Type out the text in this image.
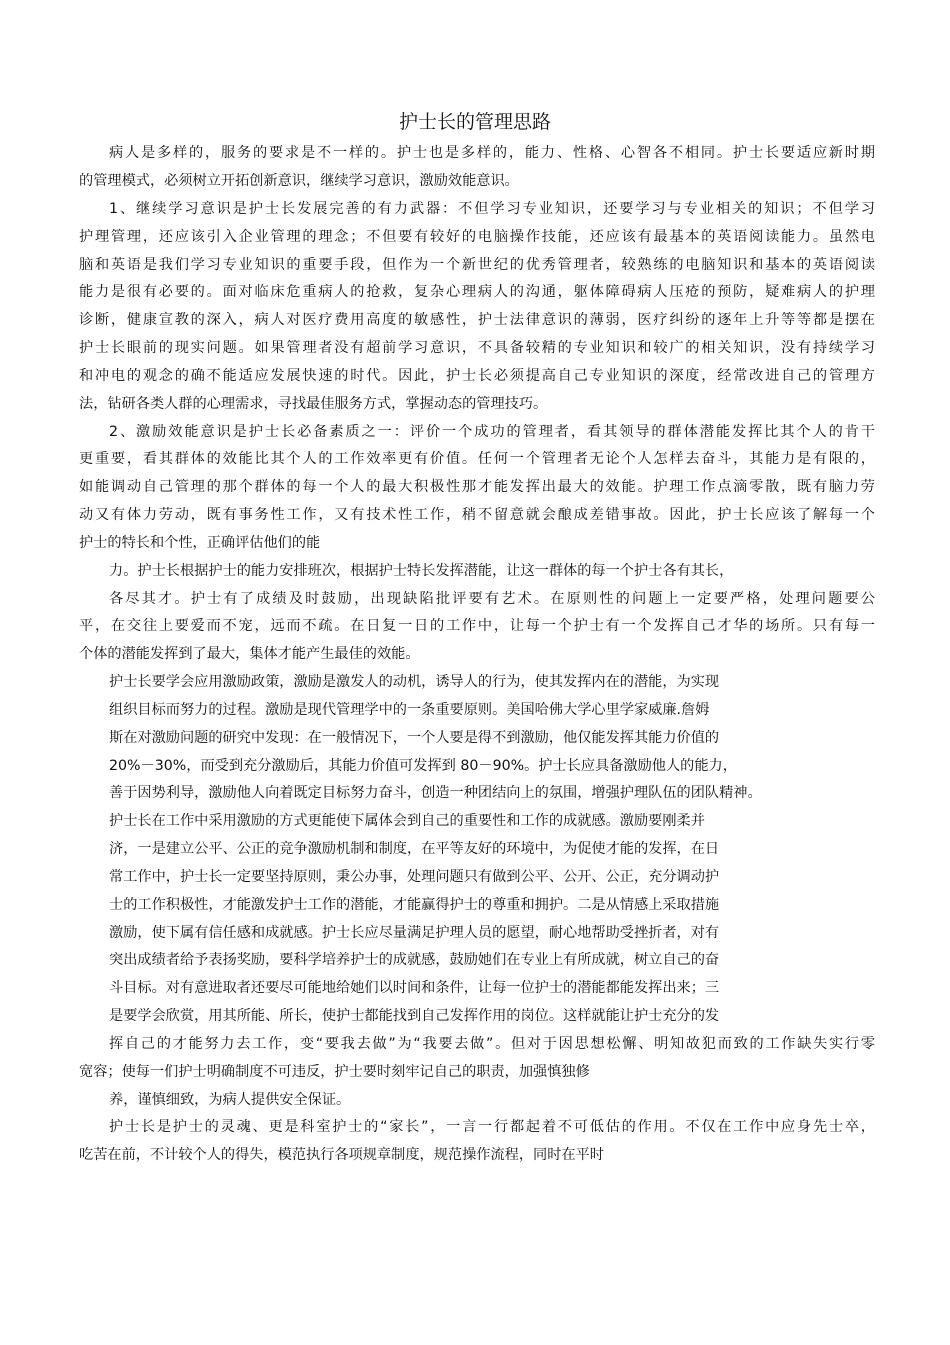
护士长的管理思路
病人是多样的，服务的要求是不一样的。护士也是多样的，能力、性格、心智各不相同。护士长要适应新时期
的管理模式，必须树立开拓创新意识，继续学习意识，激励效能意识。
1、继续学习意识是护士长发展完善的有力武器：不但学习专业知识，还要学习与专业相关的知识；不但学习
护理管理，还应该引入企业管理的理念；不但要有较好的电脑操作技能，还应该有最基本的英语阅读能力。虽然电
脑和英语是我们学习专业知识的重要手段，但作为一个新世纪的优秀管理者，较熟练的电脑知识和基本的英语阅读
能力是很有必要的。面对临床危重病人的抢救，复杂心理病人的沟通，躯体障碍病人压疮的预防，疑难病人的护理
诊断，健康宣教的深入，病人对医疗费用高度的敏感性，护士法律意识的薄弱，医疗纠纷的逐年上升等等都是摆在
护士长眼前的现实问题。如果管理者没有超前学习意识，不具备较精的专业知识和较广的相关知识，没有持续学习
和冲电的观念的确不能适应发展快速的时代。因此，护士长必须提高自己专业知识的深度，经常改进自己的管理方
法，钻研各类人群的心理需求，寻找最佳服务方式，掌握动态的管理技巧。
2、激励效能意识是护士长必备素质之一：评价一个成功的管理者，看其领导的群体潜能发挥比其个人的肯干
更重要，看其群体的效能比其个人的工作效率更有价值。任何一个管理者无论个人怎样去奋斗，其能力是有限的，
如能调动自己管理的那个群体的每一个人的最大积极性那才能发挥出最大的效能。护理工作点滴零散，既有脑力劳
动又有体力劳动，既有事务性工作，又有技术性工作，稍不留意就会酿成差错事故。因此，护士长应该了解每一个
护士的特长和个性，正确评估他们的能
力。护士长根据护士的能力安排班次，根据护士特长发挥潜能，让这一群体的每一个护士各有其长，
各尽其才。护士有了成绩及时鼓励，出现缺陷批评要有艺术。在原则性的问题上一定要严格，处理问题要公
平，在交往上要爱而不宠，远而不疏。在日复一日的工作中，让每一个护士有一个发挥自己才华的场所。只有每一
个体的潜能发挥到了最大，集体才能产生最佳的效能。
护士长要学会应用激励政策，激励是激发人的动机，诱导人的行为，使其发挥内在的潜能，为实现
组织目标而努力的过程。激励是现代管理学中的一条重要原则。美国哈佛大学心里学家威廉.詹姆
斯在对激励问题的研究中发现：在一般情况下，一个人要是得不到激励，他仅能发挥其能力价值的
20%－30%，而受到充分激励后，其能力价值可发挥到 80－90%。护士长应具备激励他人的能力，
善于因势利导，激励他人向着既定目标努力奋斗，创造一种团结向上的氛围，增强护理队伍的团队精神。
护士长在工作中采用激励的方式更能使下属体会到自己的重要性和工作的成就感。激励要刚柔并
济，一是建立公平、公正的竞争激励机制和制度，在平等友好的环境中，为促使才能的发挥，在日
常工作中，护士长一定要坚持原则，秉公办事，处理问题只有做到公平、公开、公正，充分调动护
士的工作积极性，才能激发护士工作的潜能，才能赢得护士的尊重和拥护。二是从情感上采取措施
激励，使下属有信任感和成就感。护士长应尽量满足护理人员的愿望，耐心地帮助受挫折者，对有
突出成绩者给予表扬奖励，要科学培养护士的成就感，鼓励她们在专业上有所成就，树立自己的奋
斗目标。对有意进取者还要尽可能地给她们以时间和条件，让每一位护士的潜能都能发挥出来；三
是要学会欣赏，用其所能、所长，使护士都能找到自己发挥作用的岗位。这样就能让护士充分的发
挥自己的才能努力去工作，变“要我去做”为“我要去做”。但对于因思想松懈、明知故犯而致的工作缺失实行零
宽容；使每一们护士明确制度不可违反，护士要时刻牢记自己的职责，加强慎独修
养，谨慎细致，为病人提供安全保证。
护士长是护士的灵魂、更是科室护士的“家长”，一言一行都起着不可低估的作用。不仅在工作中应身先士卒，
吃苦在前，不计较个人的得失，模范执行各项规章制度，规范操作流程，同时在平时
